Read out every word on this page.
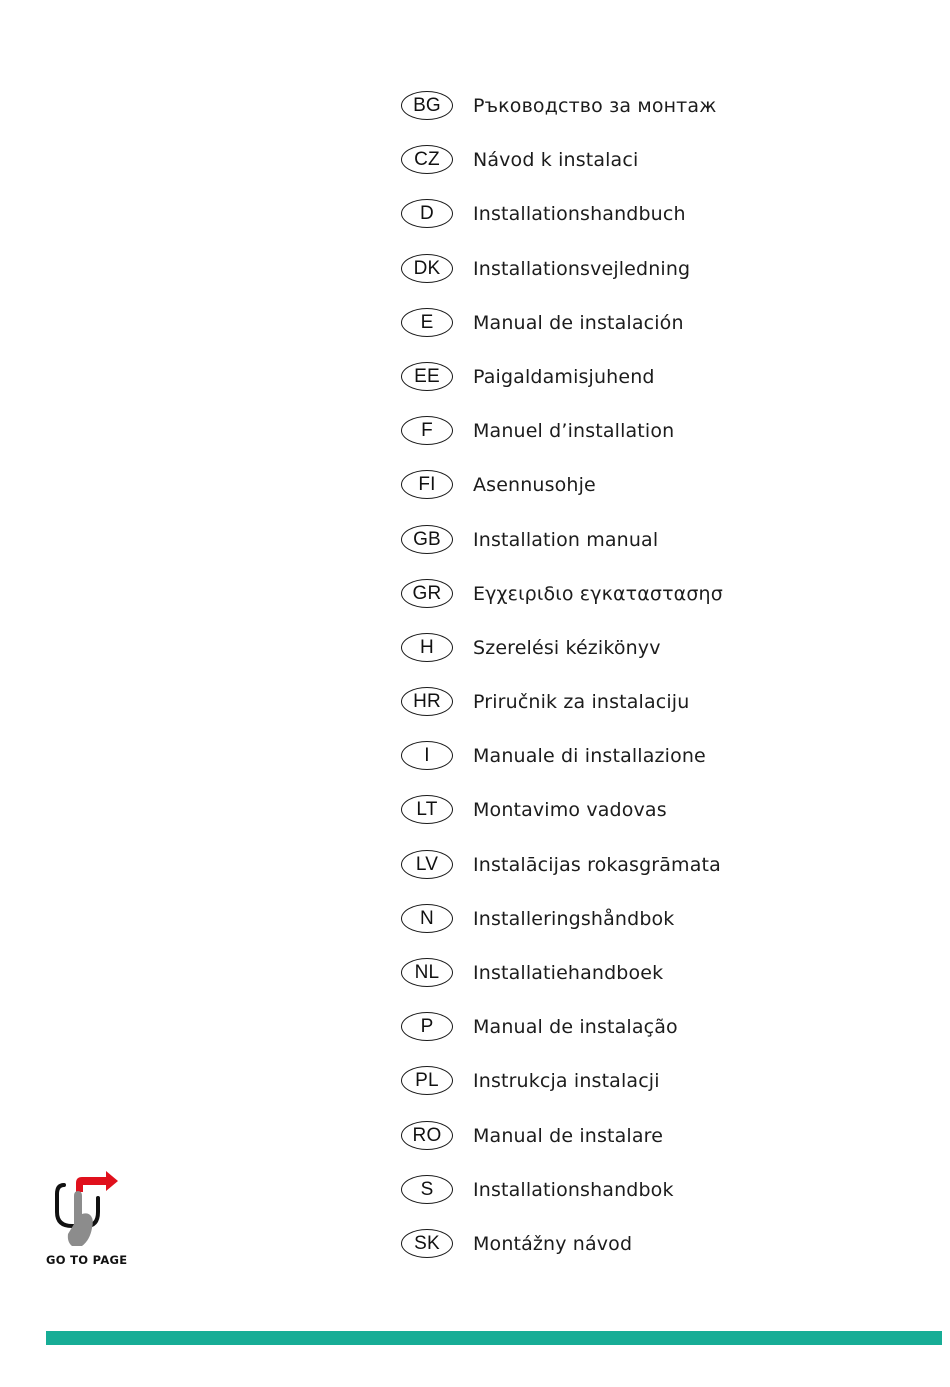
BG	Ръководство за монтаж
CZ	Návod k instalaci
D	Installationshandbuch
DK	Installationsvejledning
E	Manual de instalación
EE	Paigaldamisjuhend
F	Manuel d’installation
FI	Asennusohje
GB	Installation manual
GR	Εγχειριδιο εγκαταστασησ
H	Szerelési kézikönyv
HR	Priručnik za instalaciju
I	Manuale di installazione
LT	Montavimo vadovas
LV	Instalācijas rokasgrāmata
N	Installeringshåndbok
NL	Installatiehandboek
P	Manual de instalação
PL	Instrukcja instalacji
RO	Manual de instalare
S	Installationshandbok
SK	Montážny návod
GO TO PAGE
